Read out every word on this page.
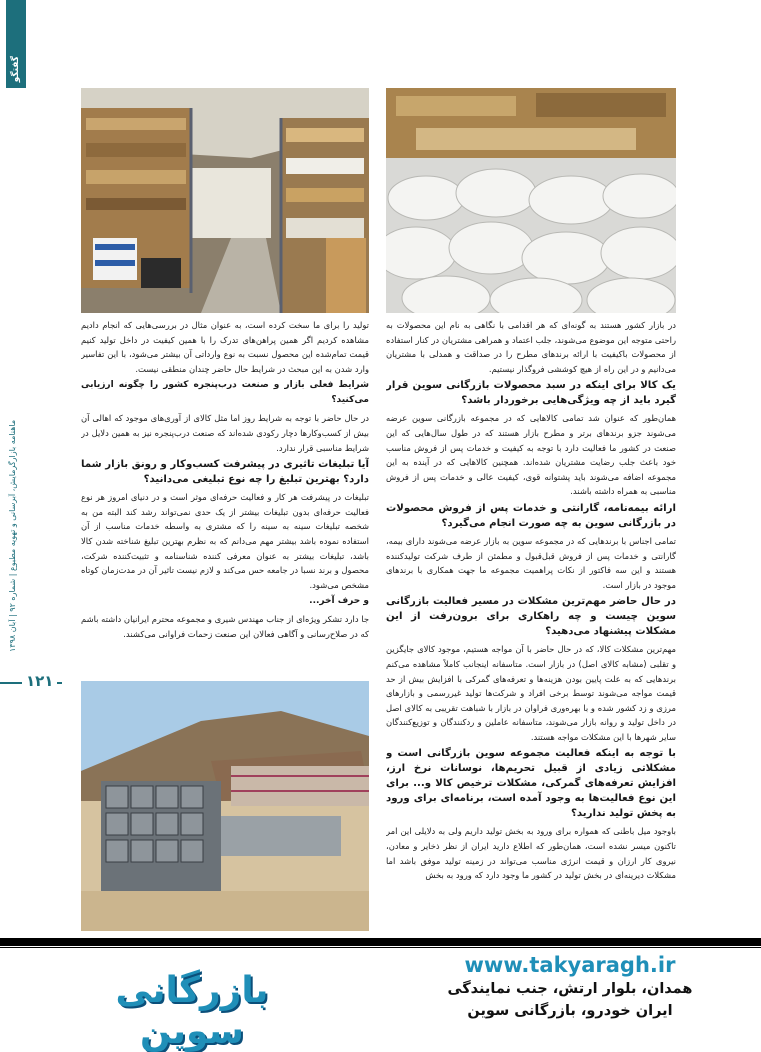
گفتگو
ماهنامه بازارگرمایش، آبرسانی و تهویه مطبوع | شماره ۹۲ | آبان ۱۳۹۸
۱۲۱

در بازار کشور هستند به گونه‌ای که هر اقدامی با نگاهی به نام این محصولات به راحتی متوجه این موضوع می‌شوند، جلب اعتماد و همراهی مشتریان در کنار استفاده از محصولات باکیفیت با ارائه برندهای مطرح را در صداقت و همدلی با مشتریان می‌دانیم و در این راه از هیچ کوششی فروگذار نیستیم.

یک کالا برای اینکه در سبد محصولات بازرگانی سوین قرار گیرد باید از چه ویژگی‌هایی برخوردار باشد؟

همان‌طور که عنوان شد تمامی کالاهایی که در مجموعه بازرگانی سوین عرضه می‌شوند جزو برندهای برتر و مطرح بازار هستند که در طول سال‌هایی که این صنعت در کشور ما فعالیت دارد با توجه به کیفیت و خدمات پس از فروش مناسب خود باعث جلب رضایت مشتریان شده‌اند. همچنین کالاهایی که در آینده به این مجموعه اضافه می‌شوند باید پشتوانه قوی، کیفیت عالی و خدمات پس از فروش مناسبی به همراه داشته باشند.

ارائه بیمه‌نامه، گارانتی و خدمات پس از فروش محصولات در بازرگانی سوین به چه صورت انجام می‌گیرد؟

تمامی اجناس با برندهایی که در مجموعه سوین به بازار عرضه می‌شوند دارای بیمه، گارانتی و خدمات پس از فروش قبل‌قبول و مطمئن از طرف شرکت تولیدکننده هستند و این سه فاکتور از نکات پراهمیت مجموعه ما جهت همکاری با برندهای موجود در بازار است.

در حال حاضر مهم‌ترین مشکلات در مسیر فعالیت بازرگانی سوین چیست و چه راهکاری برای برون‌رفت از این مشکلات پیشنهاد می‌دهید؟

مهم‌ترین مشکلات کالا، که در حال حاضر با آن مواجه هستیم، موجود کالای جایگزین و تقلبی (مشابه کالای اصل) در بازار است. متاسفانه اینجانب کاملاً مشاهده می‌کنم برندهایی که به علت پایین بودن هزینه‌ها و تعرفه‌های گمرکی با افزایش بیش از حد قیمت مواجه می‌شوند توسط برخی افراد و شرکت‌ها تولید غیررسمی و بازارهای مرزی و زد کشور شده و با بهره‌وری فراوان در بازار با شباهت تقریبی به کالای اصل در داخل تولید و روانه بازار می‌شوند، متاسفانه عاملین و ردکنندگان و توزیع‌کنندگان سایر شهرها با این مشکلات مواجه هستند.

با توجه به اینکه فعالیت مجموعه سوین بازرگانی است و مشکلاتی زیادی از قبیل تحریم‌ها، نوسانات نرخ ارز، افزایش تعرفه‌های گمرکی، مشکلات ترخیص کالا و... برای این نوع فعالیت‌ها به وجود آمده است، برنامه‌ای برای ورود به پخش تولید ندارید؟

باوجود میل باطنی که همواره برای ورود به بخش تولید داریم ولی به دلایلی این امر تاکنون میسر نشده است، همان‌طور که اطلاع دارید ایران از نظر ذخایر و معادن، نیروی کار ارزان و قیمت انرژی مناسب می‌تواند در زمینه تولید موفق باشد اما مشکلات دیرینه‌ای در بخش تولید در کشور ما وجود دارد که ورود به بخش

تولید را برای ما سخت کرده است، به عنوان مثال در بررسی‌هایی که انجام دادیم مشاهده کردیم اگر همین پراهن‌های تدرک را با همین کیفیت در داخل تولید کنیم قیمت تمام‌شده این محصول نسبت به نوع وارداتی آن بیشتر می‌شود، با این تفاسیر وارد شدن به این مبحث در شرایط حال حاضر چندان منطقی نیست.

شرایط فعلی بازار و صنعت درب‌پنجره کشور را چگونه ارزیابی می‌کنید؟

در حال حاضر با توجه به شرایط روز اما مثل کالای از آوری‌های موجود که اهالی آن بیش از کسب‌وکارها دچار رکودی شده‌اند که صنعت درب‌پنجره نیز به همین دلایل در شرایط مناسبی قرار ندارد.

آیا تبلیغات تاثیری در پیشرفت کسب‌وکار و رونق بازار شما دارد؟ بهترین تبلیغ را چه نوع تبلیغی می‌دانید؟

تبلیغات در پیشرفت هر کار و فعالیت حرفه‌ای موثر است و در دنیای امروز هر نوع فعالیت حرفه‌ای بدون تبلیغات بیشتر از یک حدی نمی‌تواند رشد کند البته من به شخصه تبلیغات سینه به سینه را که مشتری به واسطه خدمات مناسب از آن استفاده نموده باشد بیشتر مهم می‌دانم که به نظرم بهترین تبلیغ شناخته شدن کالا باشد، تبلیغات بیشتر به عنوان معرفی کننده شناسنامه و تثبیت‌کننده شرکت، محصول و برند نسبا در جامعه حس می‌کند و لازم نیست تاثیر آن در مدت‌زمان کوتاه مشخص می‌شود.

و حرف آخر...

جا دارد تشکر ویژه‌ای از جناب مهندس شیری و مجموعه محترم ایرانیان داشته باشم که در صلاح‌رسانی و آگاهی فعالان این صنعت زحمات فراوانی می‌کشند.

بازرگانی سوین
www.takyaragh.ir
همدان، بلوار ارتش، جنب نمایندگی
ایران خودرو، بازرگانی سوین
